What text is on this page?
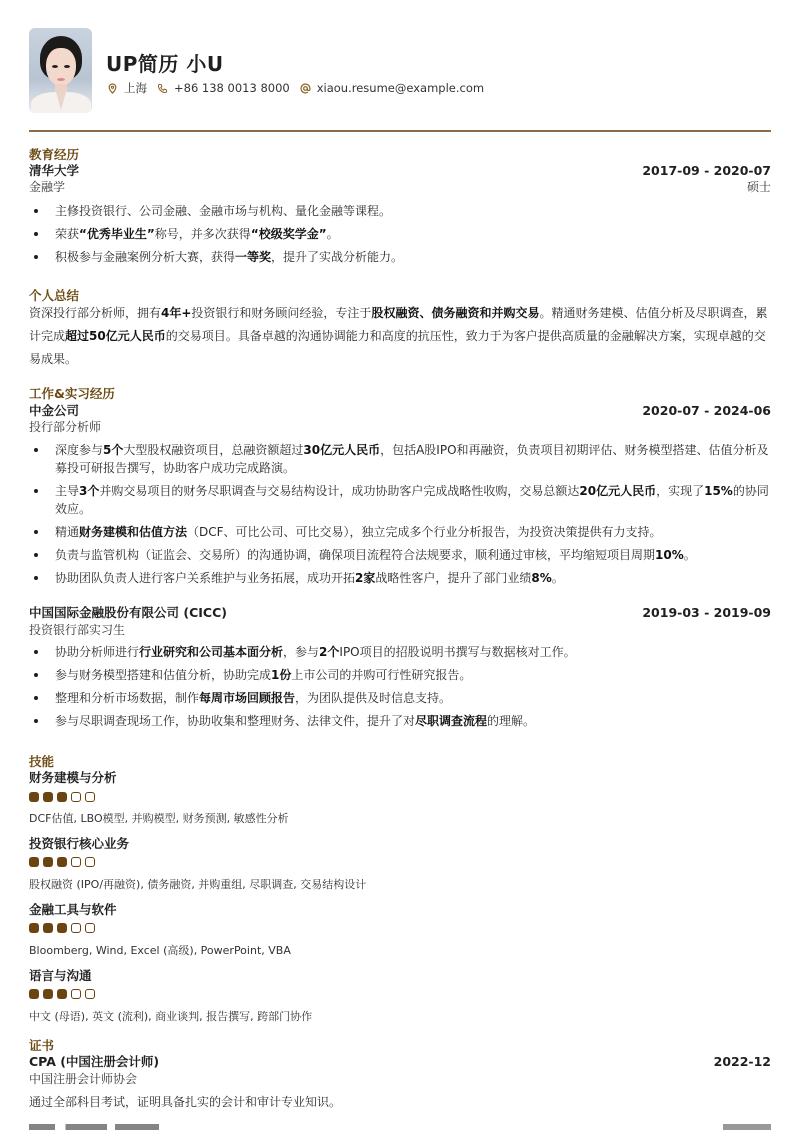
UP简历 小U
上海 +86 138 0013 8000 xiaou.resume@example.com
教育经历
清华大学	2017-09 - 2020-07
金融学	硕士
主修投资银行、公司金融、金融市场与机构、量化金融等课程。
荣获“优秀毕业生”称号，并多次获得“校级奖学金”。
积极参与金融案例分析大赛，获得一等奖，提升了实战分析能力。
个人总结
资深投行部分析师，拥有4年+投资银行和财务顾问经验，专注于股权融资、债务融资和并购交易。精通财务建模、估值分析及尽职调查，累计完成超过50亿元人民币的交易项目。具备卓越的沟通协调能力和高度的抗压性，致力于为客户提供高质量的金融解决方案，实现卓越的交易成果。
工作&实习经历
中金公司	2020-07 - 2024-06
投行部分析师
深度参与5个大型股权融资项目，总融资额超过30亿元人民币，包括A股IPO和再融资，负责项目初期评估、财务模型搭建、估值分析及募投可研报告撰写，协助客户成功完成路演。
主导3个并购交易项目的财务尽职调查与交易结构设计，成功协助客户完成战略性收购，交易总额达20亿元人民币，实现了15%的协同效应。
精通财务建模和估值方法（DCF、可比公司、可比交易），独立完成多个行业分析报告，为投资决策提供有力支持。
负责与监管机构（证监会、交易所）的沟通协调，确保项目流程符合法规要求，顺利通过审核，平均缩短项目周期10%。
协助团队负责人进行客户关系维护与业务拓展，成功开拓2家战略性客户，提升了部门业绩8%。
中国国际金融股份有限公司 (CICC)	2019-03 - 2019-09
投资银行部实习生
协助分析师进行行业研究和公司基本面分析，参与2个IPO项目的招股说明书撰写与数据核对工作。
参与财务模型搭建和估值分析，协助完成1份上市公司的并购可行性研究报告。
整理和分析市场数据，制作每周市场回顾报告，为团队提供及时信息支持。
参与尽职调查现场工作，协助收集和整理财务、法律文件，提升了对尽职调查流程的理解。
技能
财务建模与分析
DCF估值, LBO模型, 并购模型, 财务预测, 敏感性分析
投资银行核心业务
股权融资 (IPO/再融资), 债务融资, 并购重组, 尽职调查, 交易结构设计
金融工具与软件
Bloomberg, Wind, Excel (高级), PowerPoint, VBA
语言与沟通
中文 (母语), 英文 (流利), 商业谈判, 报告撰写, 跨部门协作
证书
CPA (中国注册会计师)	2022-12
中国注册会计师协会
通过全部科目考试，证明具备扎实的会计和审计专业知识。
